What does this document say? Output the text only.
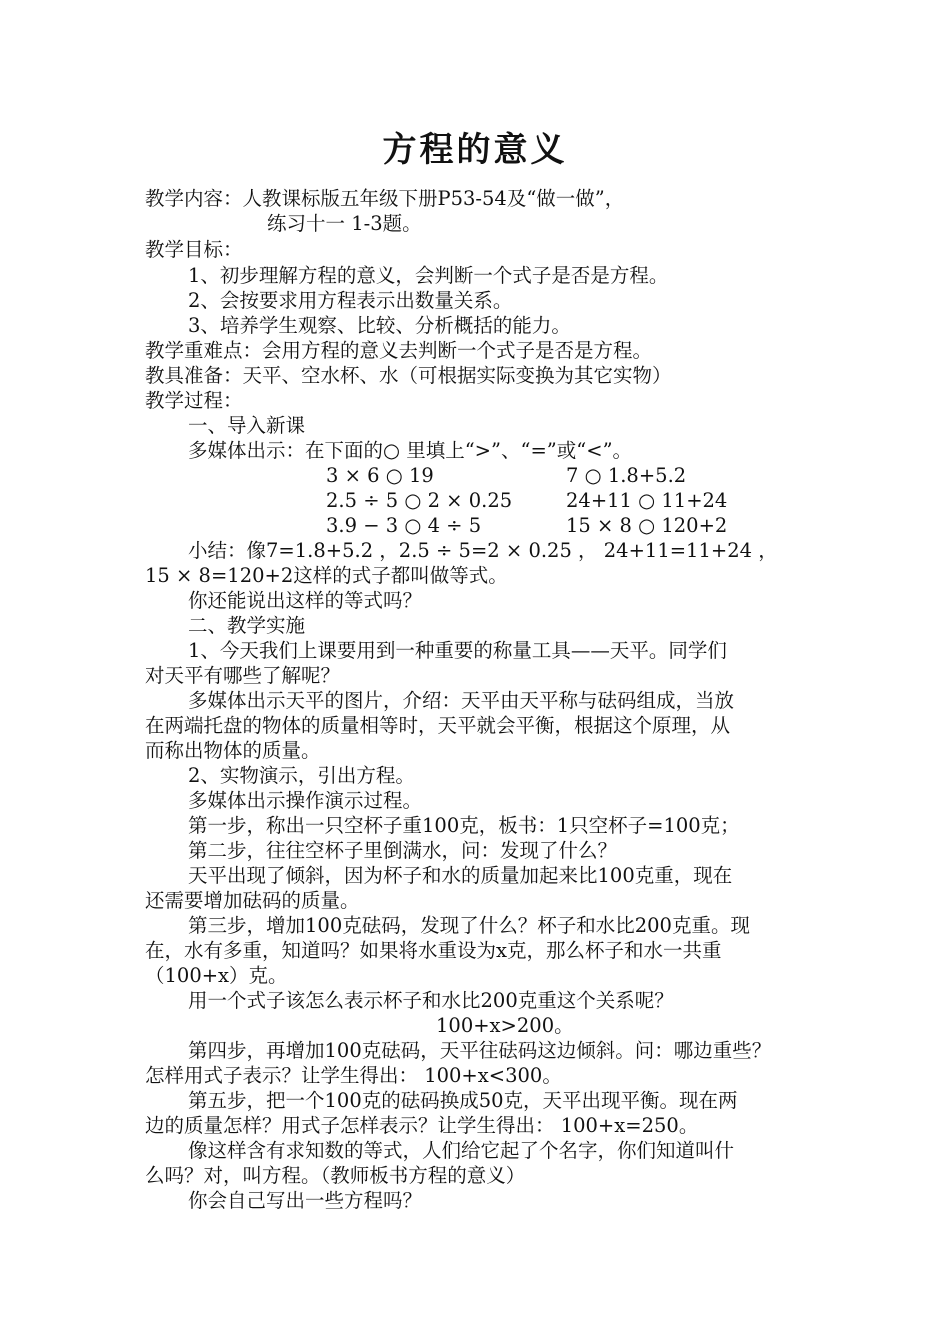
方程的意义
教学内容：人教课标版五年级下册P53-54及“做一做”，
练习十一 1-3题。
教学目标：
1、初步理解方程的意义，会判断一个式子是否是方程。
2、会按要求用方程表示出数量关系。
3、培养学生观察、比较、分析概括的能力。
教学重难点：会用方程的意义去判断一个式子是否是方程。
教具准备：天平、空水杯、水（可根据实际变换为其它实物）
教学过程：
一、导入新课
多媒体出示：在下面的○ 里填上“>”、“=”或“<”。
3 × 6 ○ 19	7 ○ 1.8+5.2
2.5 ÷ 5 ○ 2 × 0.25	24+11 ○ 11+24
3.9 − 3 ○ 4 ÷ 5	15 × 8 ○ 120+2
小结：像7=1.8+5.2 ，2.5 ÷ 5=2 × 0.25 ， 24+11=11+24 ，
15 × 8=120+2这样的式子都叫做等式。
你还能说出这样的等式吗？
二、教学实施
1、今天我们上课要用到一种重要的称量工具——天平。同学们
对天平有哪些了解呢？
多媒体出示天平的图片，介绍：天平由天平称与砝码组成，当放
在两端托盘的物体的质量相等时，天平就会平衡，根据这个原理，从
而称出物体的质量。
2、实物演示，引出方程。
多媒体出示操作演示过程。
第一步，称出一只空杯子重100克，板书：1只空杯子=100克；
第二步，往往空杯子里倒满水，问：发现了什么？
天平出现了倾斜，因为杯子和水的质量加起来比100克重，现在
还需要增加砝码的质量。
第三步，增加100克砝码，发现了什么？杯子和水比200克重。现
在，水有多重，知道吗？如果将水重设为x克，那么杯子和水一共重
（100+x）克。
用一个式子该怎么表示杯子和水比200克重这个关系呢？
100+x>200。
第四步，再增加100克砝码，天平往砝码这边倾斜。问：哪边重些？
怎样用式子表示？让学生得出： 100+x<300。
第五步，把一个100克的砝码换成50克，天平出现平衡。现在两
边的质量怎样？用式子怎样表示？让学生得出： 100+x=250。
像这样含有求知数的等式，人们给它起了个名字，你们知道叫什
么吗？对，叫方程。（教师板书方程的意义）
你会自己写出一些方程吗？
